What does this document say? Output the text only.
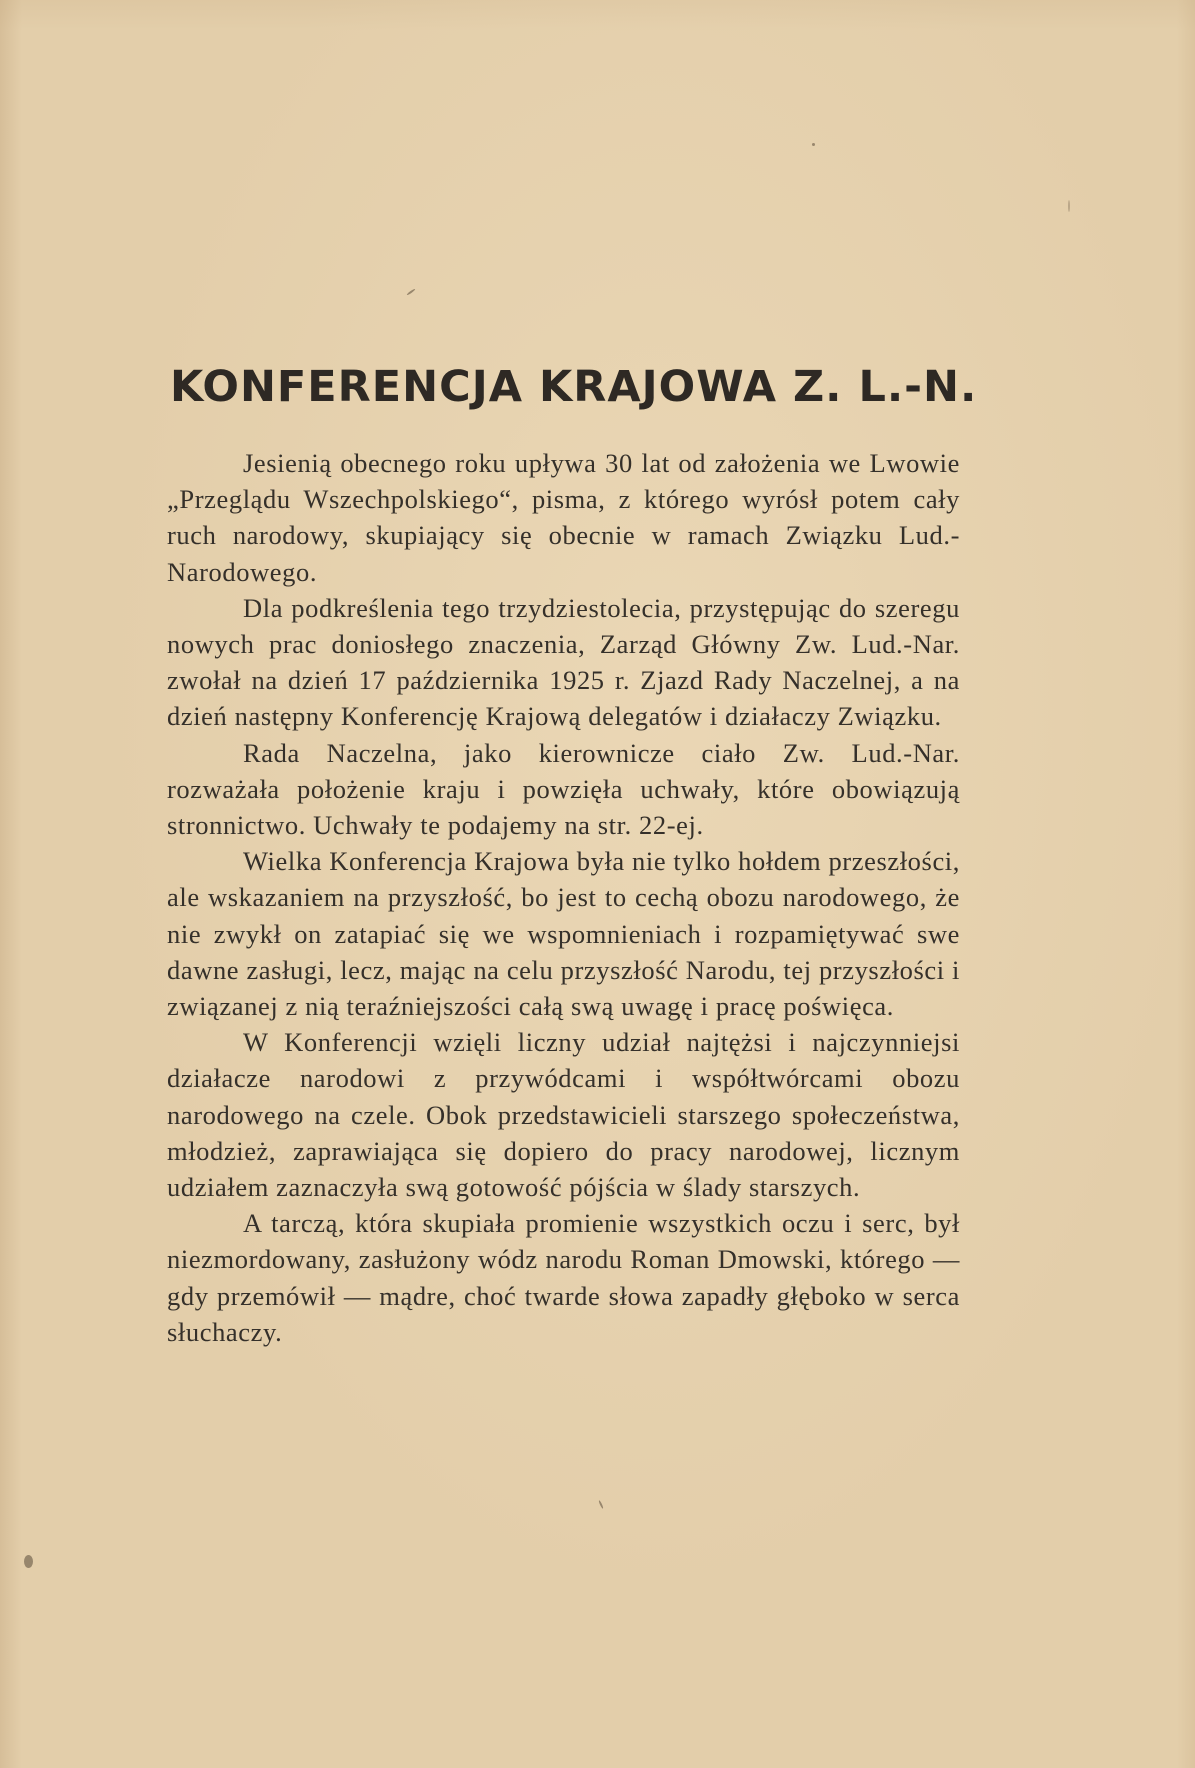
KONFERENCJA KRAJOWA Z. L.-N.

Jesienią obecnego roku upływa 30 lat od założenia we Lwowie „Przeglądu Wszechpolskiego“, pisma, z którego wyrósł potem cały ruch narodowy, skupiający się obecnie w ramach Związku Lud.-Narodowego.

Dla podkreślenia tego trzydziestolecia, przystępując do szeregu nowych prac doniosłego znaczenia, Zarząd Główny Zw. Lud.-Nar. zwołał na dzień 17 października 1925 r. Zjazd Rady Naczelnej, a na dzień następny Konferencję Krajową delegatów i działaczy Związku.

Rada Naczelna, jako kierownicze ciało Zw. Lud.-Nar. rozważała położenie kraju i powzięła uchwały, które obowiązują stronnictwo. Uchwały te podajemy na str. 22-ej.

Wielka Konferencja Krajowa była nie tylko hołdem przeszłości, ale wskazaniem na przyszłość, bo jest to cechą obozu narodowego, że nie zwykł on zatapiać się we wspomnieniach i rozpamiętywać swe dawne zasługi, lecz, mając na celu przyszłość Narodu, tej przyszłości i związanej z nią teraźniejszości całą swą uwagę i pracę poświęca.

W Konferencji wzięli liczny udział najtężsi i najczynniejsi działacze narodowi z przywódcami i współtwórcami obozu narodowego na czele. Obok przedstawicieli starszego społeczeństwa, młodzież, zaprawiająca się dopiero do pracy narodowej, licznym udziałem zaznaczyła swą gotowość pójścia w ślady starszych.

A tarczą, która skupiała promienie wszystkich oczu i serc, był niezmordowany, zasłużony wódz narodu Roman Dmowski, którego — gdy przemówił — mądre, choć twarde słowa zapadły głęboko w serca słuchaczy.
